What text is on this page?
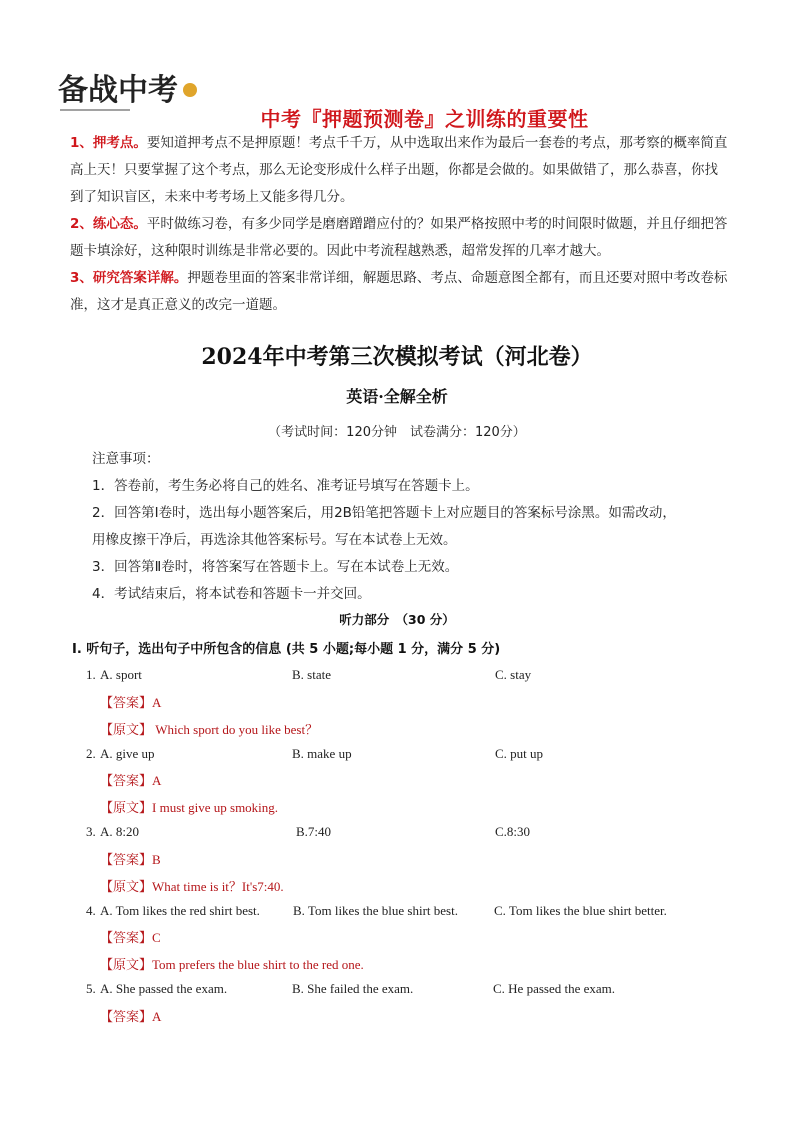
备战中考
中考『押题预测卷』之训练的重要性
1、押考点。要知道押考点不是押原题！考点千千万，从中选取出来作为最后一套卷的考点，那考察的概率简直高上天！只要掌握了这个考点，那么无论变形成什么样子出题，你都是会做的。如果做错了，那么恭喜，你找到了知识盲区，未来中考考场上又能多得几分。
2、练心态。平时做练习卷，有多少同学是磨磨蹭蹭应付的？如果严格按照中考的时间限时做题，并且仔细把答题卡填涂好，这种限时训练是非常必要的。因此中考流程越熟悉，超常发挥的几率才越大。
3、研究答案详解。押题卷里面的答案非常详细，解题思路、考点、命题意图全都有，而且还要对照中考改卷标准，这才是真正意义的改完一道题。
2024年中考第三次模拟考试（河北卷）
英语·全解全析
（考试时间：120分钟　试卷满分：120分）
注意事项：
1．答卷前，考生务必将自己的姓名、准考证号填写在答题卡上。
2．回答第Ⅰ卷时，选出每小题答案后，用2B铅笔把答题卡上对应题目的答案标号涂黑。如需改动，
用橡皮擦干净后，再选涂其他答案标号。写在本试卷上无效。
3．回答第Ⅱ卷时，将答案写在答题卡上。写在本试卷上无效。
4．考试结束后，将本试卷和答题卡一并交回。
听力部分　（30 分）
I. 听句子，选出句子中所包含的信息 (共 5 小题;每小题 1 分，满分 5 分)
1. A. sport	B. state	C. stay
【答案】A
【原文】 Which sport do you like best？
2. A. give up	B. make up	C. put up
【答案】A
【原文】I must give up smoking.
3. A. 8:20	B.7:40	C.8:30
【答案】B
【原文】What time is it？It's7:40.
4. A. Tom likes the red shirt best.	B. Tom likes the blue shirt best.	C. Tom likes the blue shirt better.
【答案】C
【原文】Tom prefers the blue shirt to the red one.
5. A. She passed the exam.	B. She failed the exam.	C. He passed the exam.
【答案】A
